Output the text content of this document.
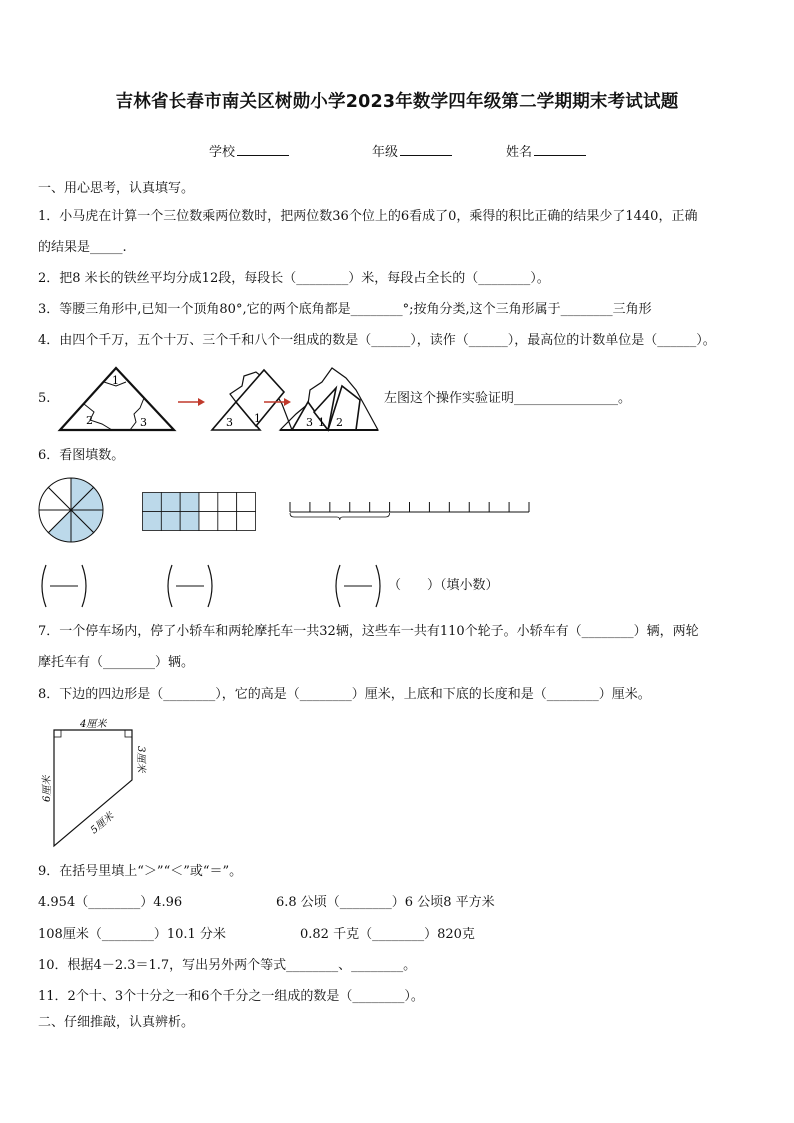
吉林省长春市南关区树勋小学2023年数学四年级第二学期期末考试试题
学校	年级	姓名
一、用心思考，认真填写。
1．小马虎在计算一个三位数乘两位数时，把两位数36个位上的6看成了0，乘得的积比正确的结果少了1440，正确
的结果是_____.
2．把8 米长的铁丝平均分成12段，每段长（________）米，每段占全长的（________）。
3．等腰三角形中,已知一个顶角80°,它的两个底角都是________°;按角分类,这个三角形属于________三角形
4．由四个千万，五个十万、三个千和八个一组成的数是（______），读作（______），最高位的计数单位是（______）。
5.
1
2	3	3 1	3 1 2
左图这个操作实验证明________________。
6．看图填数。
（　　）（填小数）
7．一个停车场内，停了小轿车和两轮摩托车一共32辆，这些车一共有110个轮子。小轿车有（________）辆，两轮
摩托车有（________）辆。
8．下边的四边形是（________），它的高是（________）厘米，上底和下底的长度和是（________）厘米。
4厘米
3厘米
6厘米
5厘米
9．在括号里填上“＞”“＜”或“＝”。
4.954（________）4.96	6.8 公顷（________）6 公顷8 平方米
108厘米（________）10.1 分米	0.82 千克（________）820克
10．根据4－2.3＝1.7，写出另外两个等式________、________。
11．2个十、3个十分之一和6个千分之一组成的数是（________）。
二、仔细推敲，认真辨析。
